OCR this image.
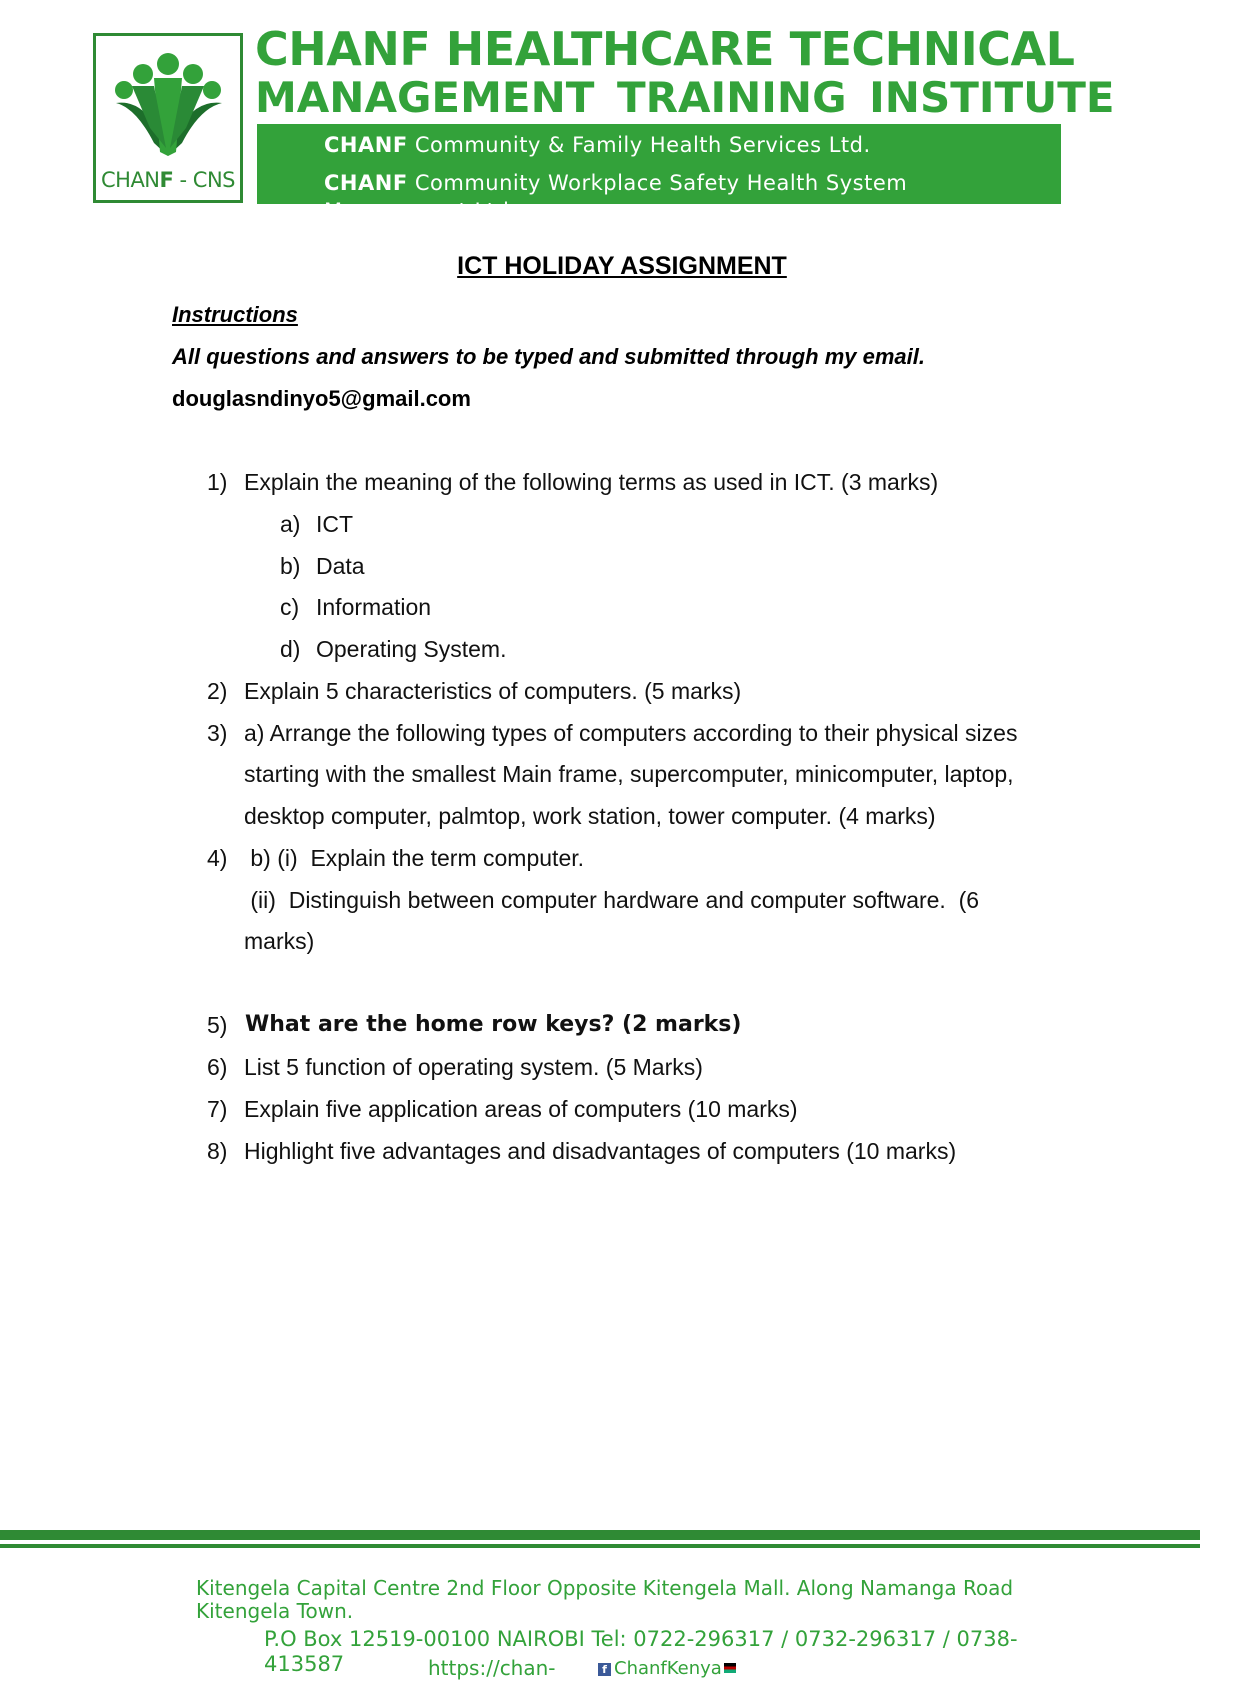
CHANF - CNS
CHANF HEALTHCARE TECHNICAL
MANAGEMENT TRAINING INSTITUTE
CHANF Community & Family Health Services Ltd.
CHANF Community Workplace Safety Health System
Management Ltd.
ICT HOLIDAY ASSIGNMENT
Instructions
All questions and answers to be typed and submitted through my email.
douglasndinyo5@gmail.com
1) Explain the meaning of the following terms as used in ICT. (3 marks)
a) ICT
b) Data
c) Information
d) Operating System.
2) Explain 5 characteristics of computers. (5 marks)
3) a) Arrange the following types of computers according to their physical sizes
starting with the smallest Main frame, supercomputer, minicomputer, laptop,
desktop computer, palmtop, work station, tower computer. (4 marks)
4) b) (i)  Explain the term computer.
(ii)  Distinguish between computer hardware and computer software.  (6
marks)
5) What are the home row keys? (2 marks)
6) List 5 function of operating system. (5 Marks)
7) Explain five application areas of computers (10 marks)
8) Highlight five advantages and disadvantages of computers (10 marks)
Kitengela Capital Centre 2nd Floor Opposite Kitengela Mall. Along Namanga Road
Kitengela Town.
P.O Box 12519-00100 NAIROBI Tel: 0722-296317 / 0732-296317 / 0738-
413587	https://chan-	f ChanfKenya
